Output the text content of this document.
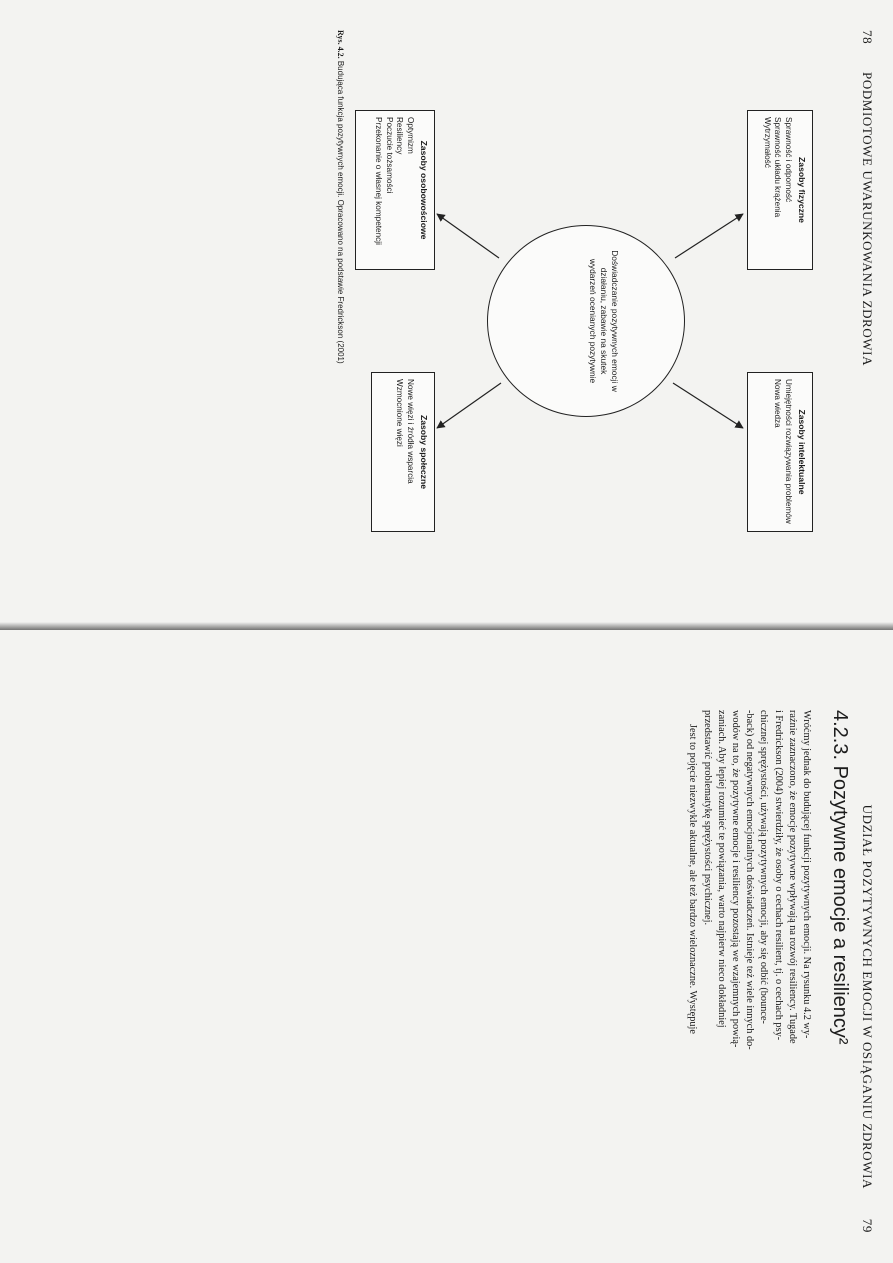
78
PODMIOTOWE UWARUNKOWANIA ZDROWIA
Zasoby fizyczne
Sprawność i odporność
Sprawność układu krążenia
Wytrzymałość
Zasoby intelektualne
Umiejętności rozwiązywania problemów
Nowa wiedza
Doświadczanie pozytywnych emocji w działaniu, zabawie na skutek wydarzeń ocenianych pozytywnie
Zasoby osobowościowe
Optymizm
Resiliency
Poczucie tożsamości
Przekonanie o własnej kompetencji
Zasoby społeczne
Nowe więzi i źródła wsparcia
Wzmocnione więzi
Rys. 4.2. Budująca funkcja pozytywnych emocji. Opracowano na podstawie Fredrickson (2001)
UDZIAŁ POZYTYWNYCH EMOCJI W OSIĄGANIU ZDROWIA
79
4.2.3. Pozytywne emocje a resiliency²
Wróćmy jednak do budującej funkcji pozytywnych emocji. Na rysunku 4.2 wy-
raźnie zaznaczono, że emocje pozytywne wpływają na rozwój resiliency. Tugade
i Fredrickson (2004) stwierdziły, że osoby o cechach resilient, tj. o cechach psy-
chicznej sprężystości, używają pozytywnych emocji, aby się odbić (bounce-
-back) od negatywnych emocjonalnych doświadczeń. Istnieje też wiele innych do-
wodów na to, że pozytywne emocje i resiliency pozostają we wzajemnych powią-
zaniach. Aby lepiej rozumieć te powiązania, warto najpierw nieco dokładniej
przedstawić problematykę sprężystości psychicznej.
Jest to pojęcie niezwykle aktualne, ale też bardzo wieloznaczne. Występuje
